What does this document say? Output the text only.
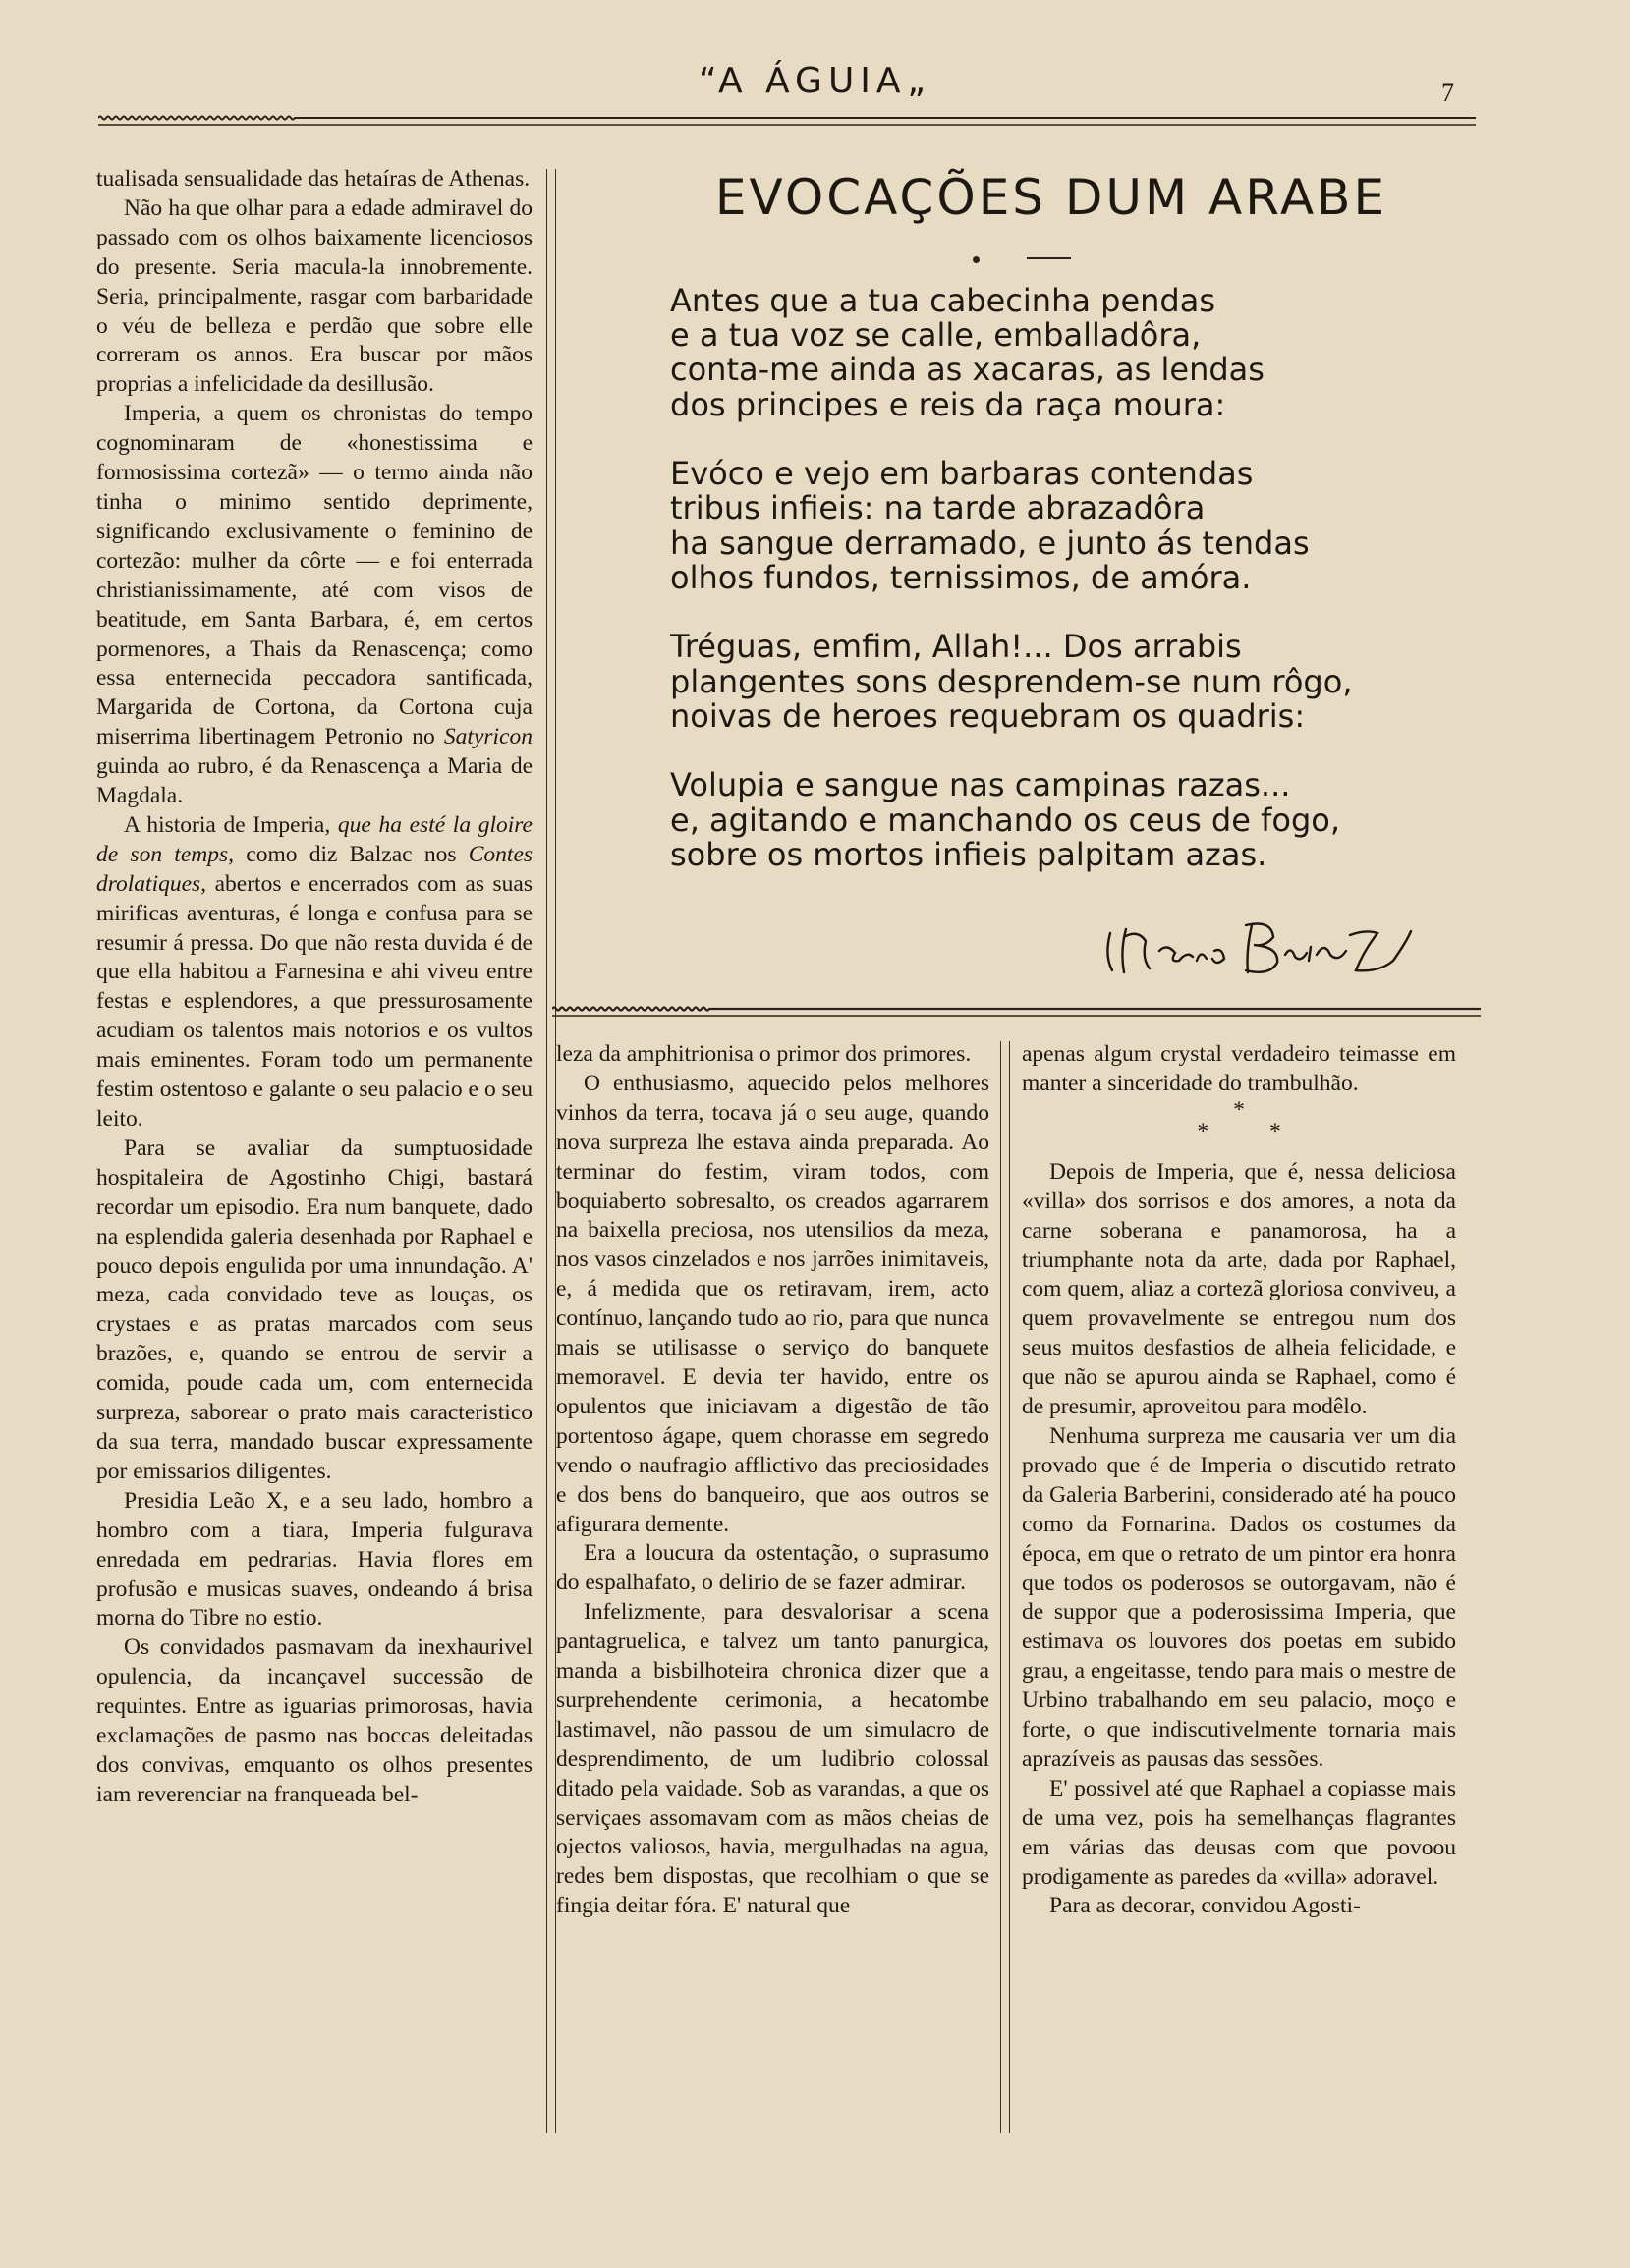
“A ÁGUIA„	7

tualisada sensualidade das hetaíras de Athenas.

Não ha que olhar para a edade admiravel do passado com os olhos baixamente licenciosos do presente. Seria macula-la innobremente. Seria, principalmente, rasgar com barbaridade o véu de belleza e perdão que sobre elle correram os annos. Era buscar por mãos proprias a infelicidade da desillusão.

Imperia, a quem os chronistas do tempo cognominaram de «honestissima e formosissima cortezã» — o termo ainda não tinha o minimo sentido deprimente, significando exclusivamente o feminino de cortezão: mulher da côrte — e foi enterrada christianissimamente, até com visos de beatitude, em Santa Barbara, é, em certos pormenores, a Thais da Renascença; como essa enternecida peccadora santificada, Margarida de Cortona, da Cortona cuja miserrima libertinagem Petronio no Satyricon guinda ao rubro, é da Renascença a Maria de Magdala.

A historia de Imperia, que ha esté la gloire de son temps, como diz Balzac nos Contes drolatiques, abertos e encerrados com as suas mirificas aventuras, é longa e confusa para se resumir á pressa. Do que não resta duvida é de que ella habitou a Farnesina e ahi viveu entre festas e esplendores, a que pressurosamente acudiam os talentos mais notorios e os vultos mais eminentes. Foram todo um permanente festim ostentoso e galante o seu palacio e o seu leito.

Para se avaliar da sumptuosidade hospitaleira de Agostinho Chigi, bastará recordar um episodio. Era num banquete, dado na esplendida galeria desenhada por Raphael e pouco depois engulida por uma innundação. A' meza, cada convidado teve as louças, os crystaes e as pratas marcados com seus brazões, e, quando se entrou de servir a comida, poude cada um, com enternecida surpreza, saborear o prato mais caracteristico da sua terra, mandado buscar expressamente por emissarios diligentes.

Presidia Leão X, e a seu lado, hombro a hombro com a tiara, Imperia fulgurava enredada em pedrarias. Havia flores em profusão e musicas suaves, ondeando á brisa morna do Tibre no estio.

Os convidados pasmavam da inexhaurivel opulencia, da incançavel successão de requintes. Entre as iguarias primorosas, havia exclamações de pasmo nas boccas deleitadas dos convivas, emquanto os olhos presentes iam reverenciar na franqueada bel-

EVOCAÇÕES DUM ARABE
Antes que a tua cabecinha pendas
e a tua voz se calle, emballadôra,
conta-me ainda as xacaras, as lendas
dos principes e reis da raça moura:
Evóco e vejo em barbaras contendas
tribus infieis: na tarde abrazadôra
ha sangue derramado, e junto ás tendas
olhos fundos, ternissimos, de amóra.
Tréguas, emfim, Allah!... Dos arrabis
plangentes sons desprendem-se num rôgo,
noivas de heroes requebram os quadris:
Volupia e sangue nas campinas razas...
e, agitando e manchando os ceus de fogo,
sobre os mortos infieis palpitam azas.

leza da amphitrionisa o primor dos primores.

O enthusiasmo, aquecido pelos melhores vinhos da terra, tocava já o seu auge, quando nova surpreza lhe estava ainda preparada. Ao terminar do festim, viram todos, com boquiaberto sobresalto, os creados agarrarem na baixella preciosa, nos utensilios da meza, nos vasos cinzelados e nos jarrões inimitaveis, e, á medida que os retiravam, irem, acto contínuo, lançando tudo ao rio, para que nunca mais se utilisasse o serviço do banquete memoravel. E devia ter havido, entre os opulentos que iniciavam a digestão de tão portentoso ágape, quem chorasse em segredo vendo o naufragio afflictivo das preciosidades e dos bens do banqueiro, que aos outros se afigurara demente.

Era a loucura da ostentação, o suprasumo do espalhafato, o delirio de se fazer admirar.

Infelizmente, para desvalorisar a scena pantagruelica, e talvez um tanto panurgica, manda a bisbilhoteira chronica dizer que a surprehendente cerimonia, a hecatombe lastimavel, não passou de um simulacro de desprendimento, de um ludibrio colossal ditado pela vaidade. Sob as varandas, a que os serviçaes assomavam com as mãos cheias de ojectos valiosos, havia, mergulhadas na agua, redes bem dispostas, que recolhiam o que se fingia deitar fóra. E' natural que

apenas algum crystal verdadeiro teimasse em manter a sinceridade do trambulhão.

*
* *

Depois de Imperia, que é, nessa deliciosa «villa» dos sorrisos e dos amores, a nota da carne soberana e panamorosa, ha a triumphante nota da arte, dada por Raphael, com quem, aliaz a cortezã gloriosa conviveu, a quem provavelmente se entregou num dos seus muitos desfastios de alheia felicidade, e que não se apurou ainda se Raphael, como é de presumir, aproveitou para modêlo.

Nenhuma surpreza me causaria ver um dia provado que é de Imperia o discutido retrato da Galeria Barberini, considerado até ha pouco como da Fornarina. Dados os costumes da época, em que o retrato de um pintor era honra que todos os poderosos se outorgavam, não é de suppor que a poderosissima Imperia, que estimava os louvores dos poetas em subido grau, a engeitasse, tendo para mais o mestre de Urbino trabalhando em seu palacio, moço e forte, o que indiscutivelmente tornaria mais aprazíveis as pausas das sessões.

E' possivel até que Raphael a copiasse mais de uma vez, pois ha semelhanças flagrantes em várias das deusas com que povoou prodigamente as paredes da «villa» adoravel.

Para as decorar, convidou Agosti-
